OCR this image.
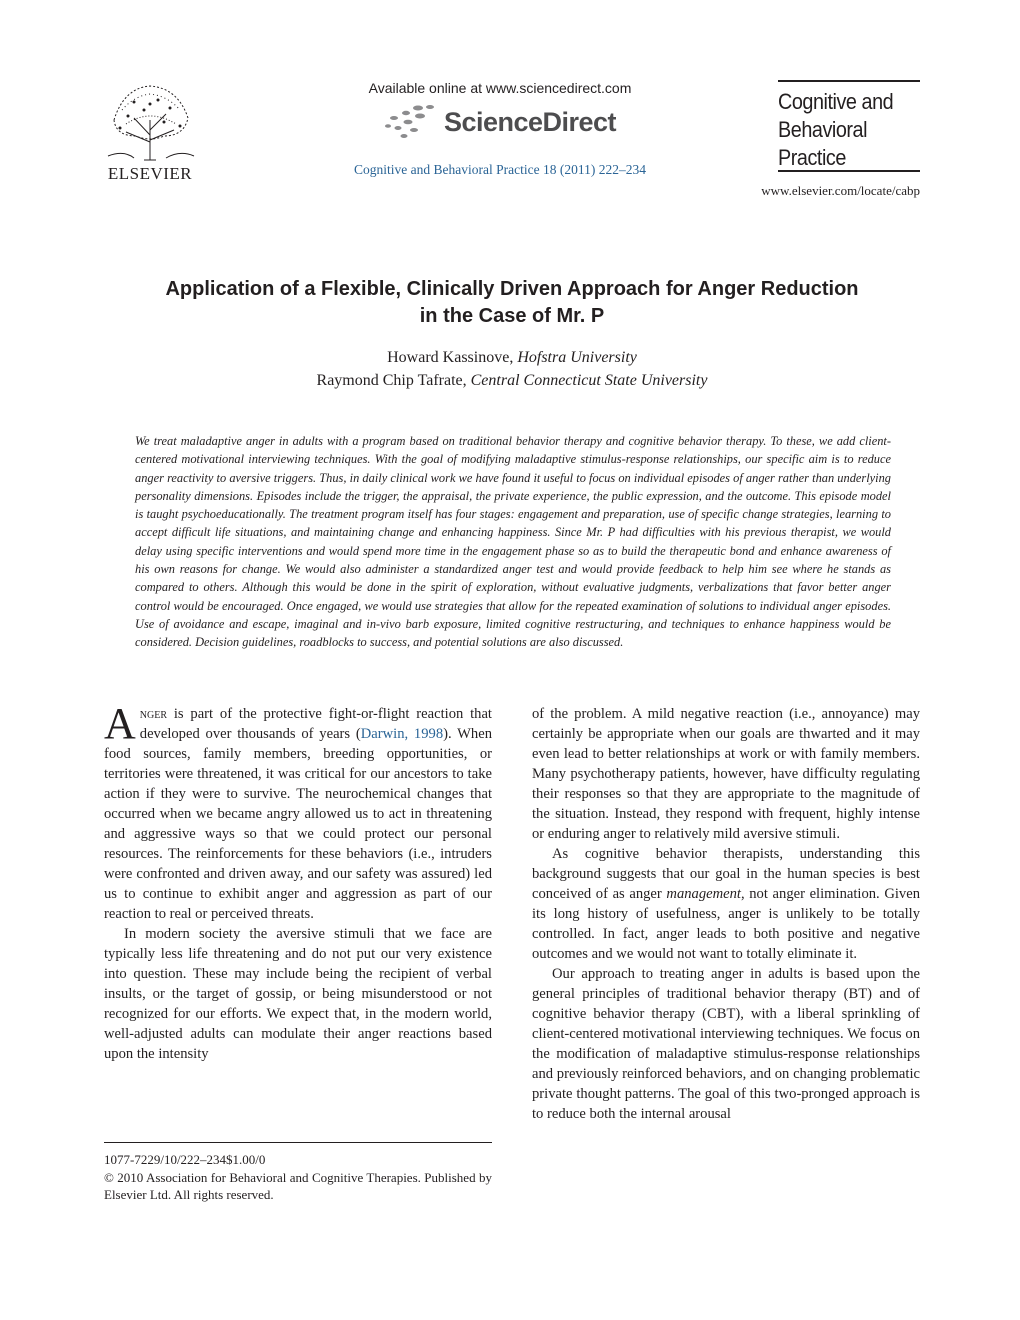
ELSEVIER
Available online at www.sciencedirect.com
ScienceDirect
Cognitive and Behavioral Practice 18 (2011) 222–234
Cognitive and
Behavioral
Practice
www.elsevier.com/locate/cabp
Application of a Flexible, Clinically Driven Approach for Anger Reduction
in the Case of Mr. P
Howard Kassinove, Hofstra University
Raymond Chip Tafrate, Central Connecticut State University
We treat maladaptive anger in adults with a program based on traditional behavior therapy and cognitive behavior therapy. To these, we add client-centered motivational interviewing techniques. With the goal of modifying maladaptive stimulus-response relationships, our specific aim is to reduce anger reactivity to aversive triggers. Thus, in daily clinical work we have found it useful to focus on individual episodes of anger rather than underlying personality dimensions. Episodes include the trigger, the appraisal, the private experience, the public expression, and the outcome. This episode model is taught psychoeducationally. The treatment program itself has four stages: engagement and preparation, use of specific change strategies, learning to accept difficult life situations, and maintaining change and enhancing happiness. Since Mr. P had difficulties with his previous therapist, we would delay using specific interventions and would spend more time in the engagement phase so as to build the therapeutic bond and enhance awareness of his own reasons for change. We would also administer a standardized anger test and would provide feedback to help him see where he stands as compared to others. Although this would be done in the spirit of exploration, without evaluative judgments, verbalizations that favor better anger control would be encouraged. Once engaged, we would use strategies that allow for the repeated examination of solutions to individual anger episodes. Use of avoidance and escape, imaginal and in-vivo barb exposure, limited cognitive restructuring, and techniques to enhance happiness would be considered. Decision guidelines, roadblocks to success, and potential solutions are also discussed.

Anger is part of the protective fight-or-flight reaction that developed over thousands of years (Darwin, 1998). When food sources, family members, breeding opportunities, or territories were threatened, it was critical for our ancestors to take action if they were to survive. The neurochemical changes that occurred when we became angry allowed us to act in threatening and aggressive ways so that we could protect our personal resources. The reinforcements for these behaviors (i.e., intruders were confronted and driven away, and our safety was assured) led us to continue to exhibit anger and aggression as part of our reaction to real or perceived threats.

In modern society the aversive stimuli that we face are typically less life threatening and do not put our very existence into question. These may include being the recipient of verbal insults, or the target of gossip, or being misunderstood or not recognized for our efforts. We expect that, in the modern world, well-adjusted adults can modulate their anger reactions based upon the intensity

of the problem. A mild negative reaction (i.e., annoyance) may certainly be appropriate when our goals are thwarted and it may even lead to better relationships at work or with family members. Many psychotherapy patients, however, have difficulty regulating their responses so that they are appropriate to the magnitude of the situation. Instead, they respond with frequent, highly intense or enduring anger to relatively mild aversive stimuli.

As cognitive behavior therapists, understanding this background suggests that our goal in the human species is best conceived of as anger management, not anger elimination. Given its long history of usefulness, anger is unlikely to be totally controlled. In fact, anger leads to both positive and negative outcomes and we would not want to totally eliminate it.

Our approach to treating anger in adults is based upon the general principles of traditional behavior therapy (BT) and of cognitive behavior therapy (CBT), with a liberal sprinkling of client-centered motivational interviewing techniques. We focus on the modification of maladaptive stimulus-response relationships and previously reinforced behaviors, and on changing problematic private thought patterns. The goal of this two-pronged approach is to reduce both the internal arousal

1077-7229/10/222–234$1.00/0
© 2010 Association for Behavioral and Cognitive Therapies. Published by Elsevier Ltd. All rights reserved.
